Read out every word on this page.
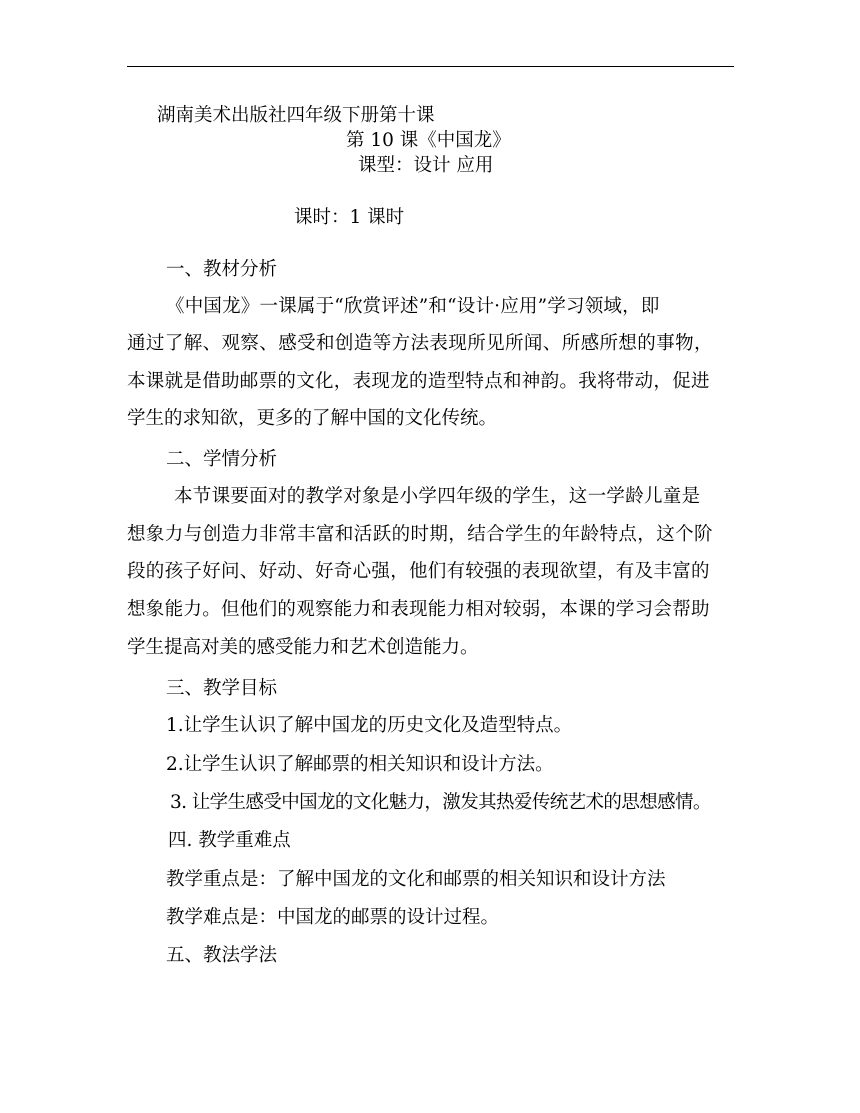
湖南美术出版社四年级下册第十课
第 10 课《中国龙》
课型：设计 应用
课时：1 课时
一、教材分析
《中国龙》一课属于“欣赏评述”和“设计·应用”学习领域，即
通过了解、观察、感受和创造等方法表现所见所闻、所感所想的事物，
本课就是借助邮票的文化，表现龙的造型特点和神韵。我将带动，促进
学生的求知欲，更多的了解中国的文化传统。
二、学情分析
本节课要面对的教学对象是小学四年级的学生，这一学龄儿童是
想象力与创造力非常丰富和活跃的时期，结合学生的年龄特点，这个阶
段的孩子好问、好动、好奇心强，他们有较强的表现欲望，有及丰富的
想象能力。但他们的观察能力和表现能力相对较弱，本课的学习会帮助
学生提高对美的感受能力和艺术创造能力。
三、教学目标
1.让学生认识了解中国龙的历史文化及造型特点。
2.让学生认识了解邮票的相关知识和设计方法。
3. 让学生感受中国龙的文化魅力，激发其热爱传统艺术的思想感情。
四. 教学重难点
教学重点是：了解中国龙的文化和邮票的相关知识和设计方法
教学难点是：中国龙的邮票的设计过程。
五、教法学法
